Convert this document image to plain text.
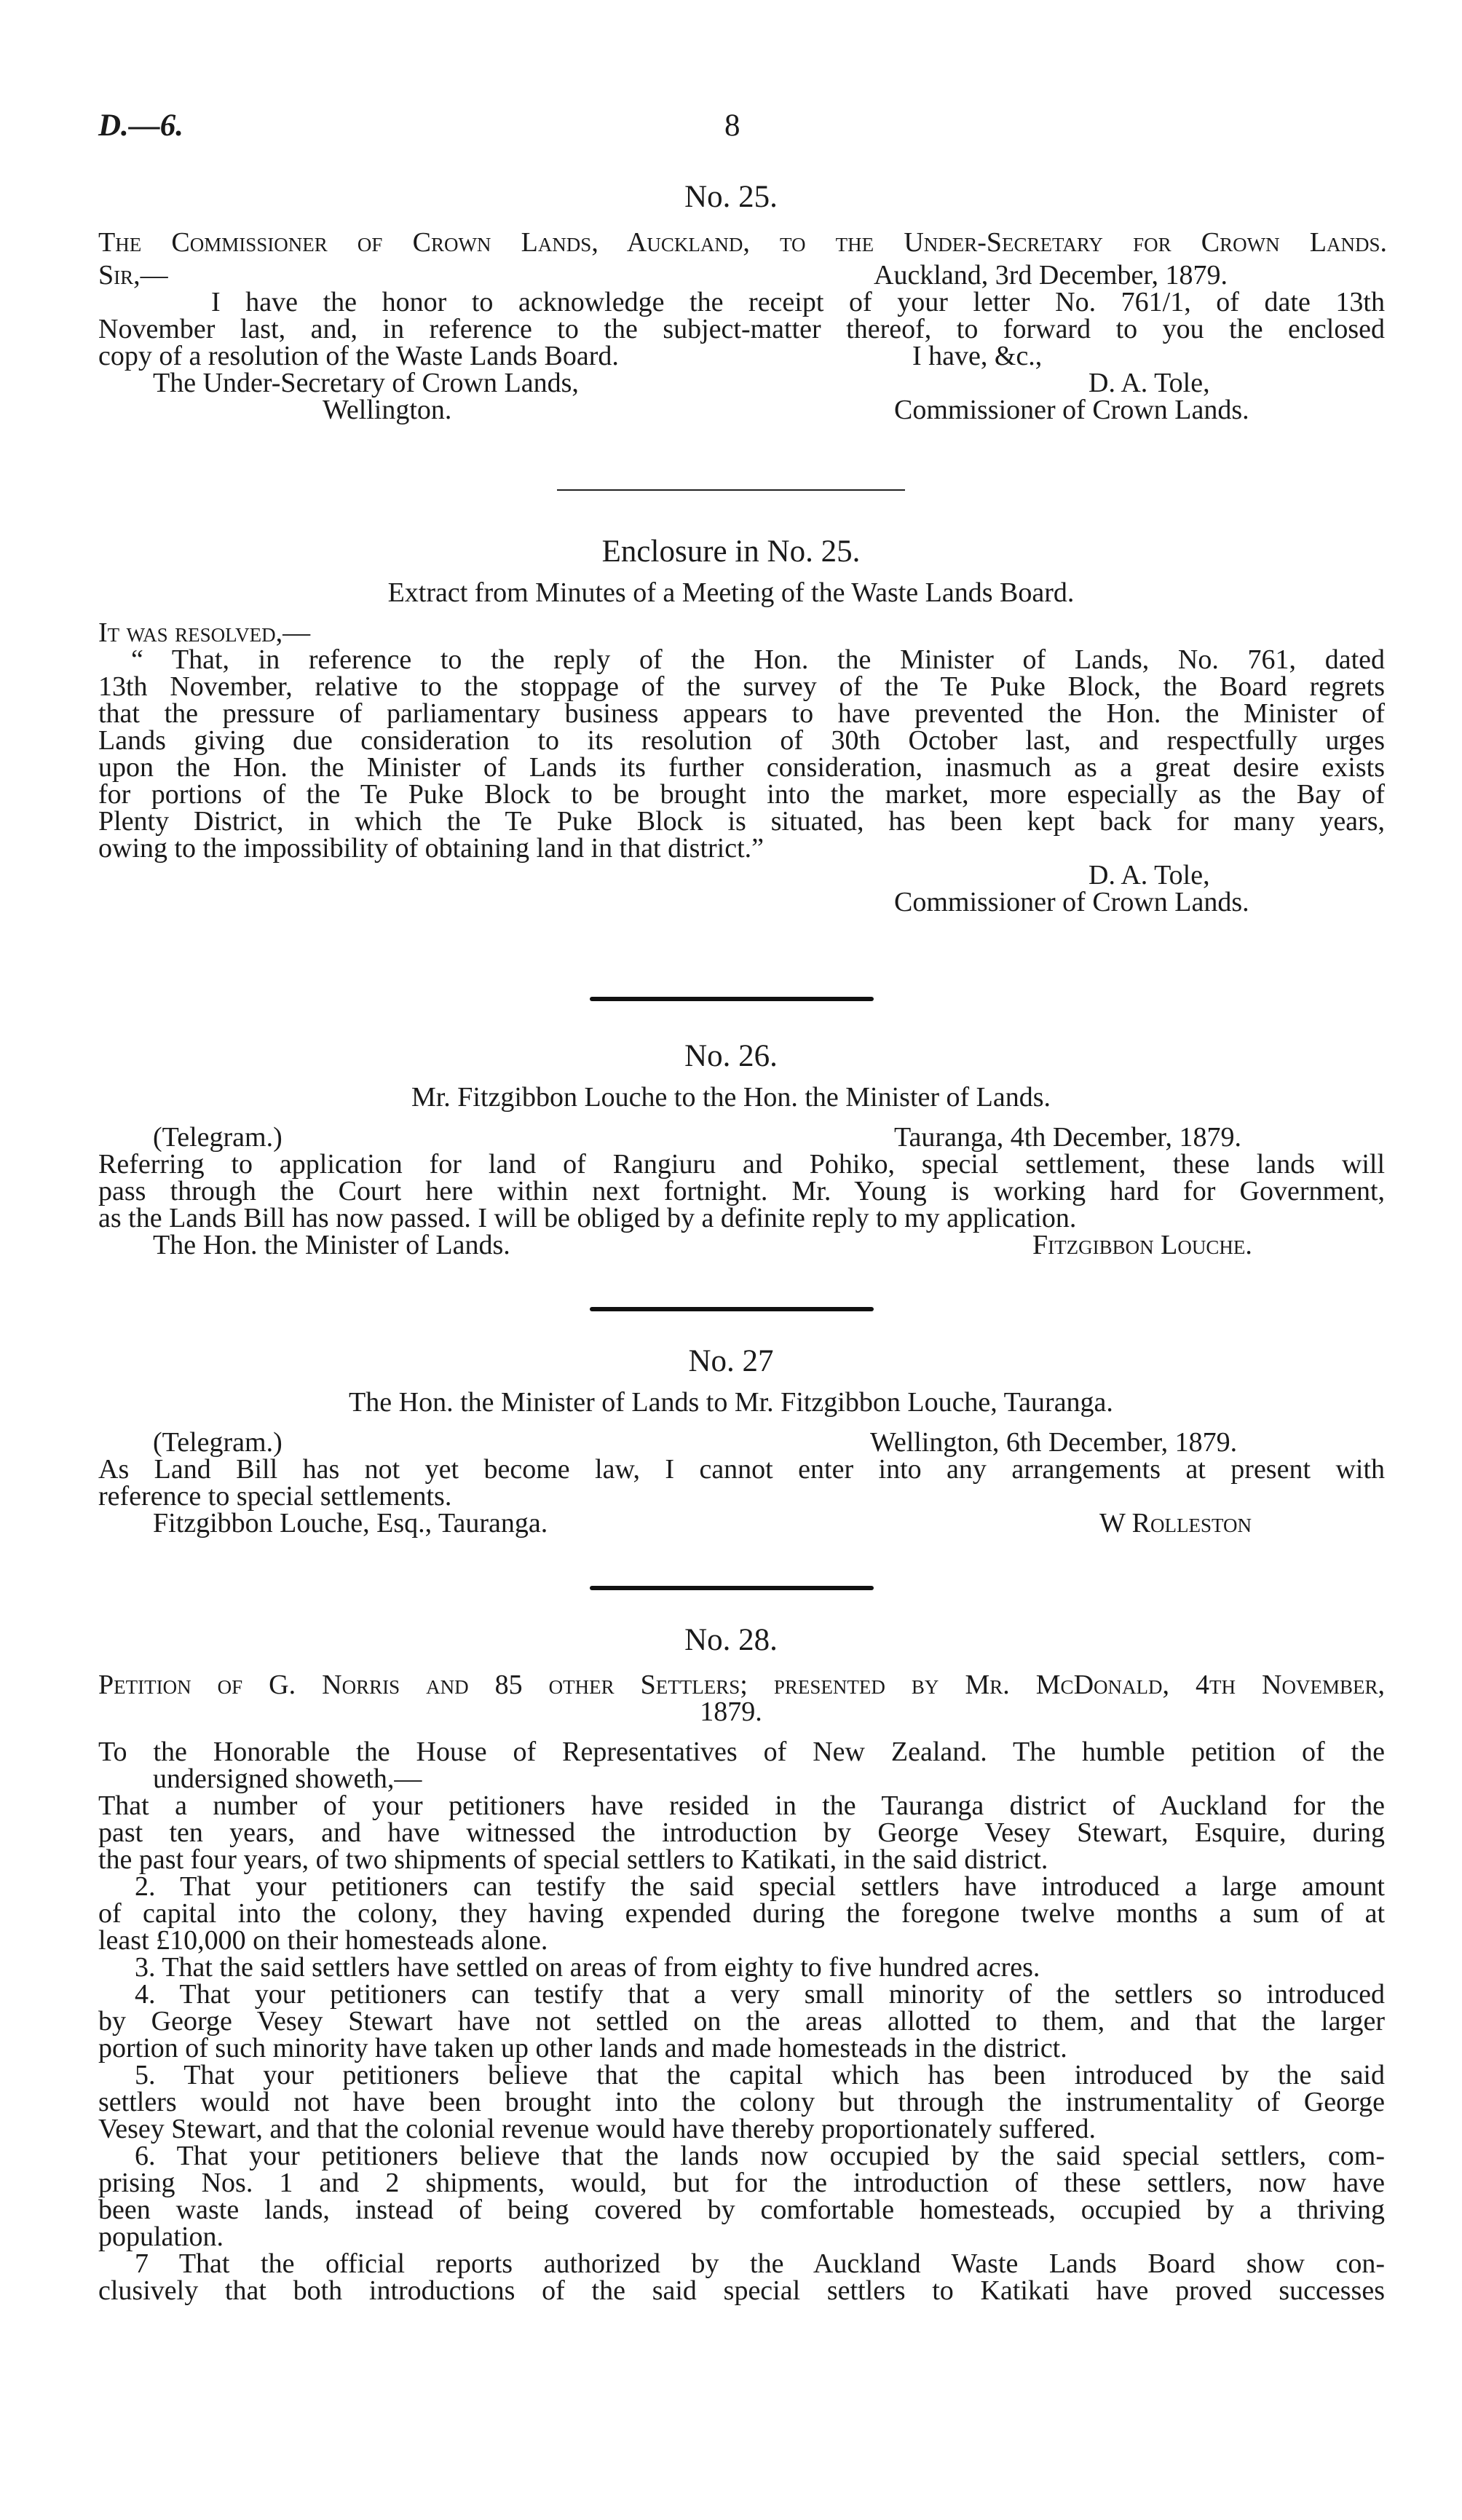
D.—6.	8
No. 25.
The Commissioner of Crown Lands, Auckland, to the Under-Secretary for Crown Lands.
Sir,—	Auckland, 3rd December, 1879.
I have the honor to acknowledge the receipt of your letter No. 761/1, of date 13th
November last, and, in reference to the subject-matter thereof, to forward to you the enclosed
copy of a resolution of the Waste Lands Board.	I have, &c.,
The Under-Secretary of Crown Lands,	D. A. Tole,
Wellington.	Commissioner of Crown Lands.
Enclosure in No. 25.
Extract from Minutes of a Meeting of the Waste Lands Board.
It was resolved,—
“ That, in reference to the reply of the Hon. the Minister of Lands, No. 761, dated
13th November, relative to the stoppage of the survey of the Te Puke Block, the Board regrets
that the pressure of parliamentary business appears to have prevented the Hon. the Minister of
Lands giving due consideration to its resolution of 30th October last, and respectfully urges
upon the Hon. the Minister of Lands its further consideration, inasmuch as a great desire exists
for portions of the Te Puke Block to be brought into the market, more especially as the Bay of
Plenty District, in which the Te Puke Block is situated, has been kept back for many years,
owing to the impossibility of obtaining land in that district.”
D. A. Tole,
Commissioner of Crown Lands.
No. 26.
Mr. Fitzgibbon Louche to the Hon. the Minister of Lands.
(Telegram.)	Tauranga, 4th December, 1879.
Referring to application for land of Rangiuru and Pohiko, special settlement, these lands will
pass through the Court here within next fortnight. Mr. Young is working hard for Government,
as the Lands Bill has now passed. I will be obliged by a definite reply to my application.
The Hon. the Minister of Lands.	Fitzgibbon Louche.
No. 27
The Hon. the Minister of Lands to Mr. Fitzgibbon Louche, Tauranga.
(Telegram.)	Wellington, 6th December, 1879.
As Land Bill has not yet become law, I cannot enter into any arrangements at present with
reference to special settlements.
Fitzgibbon Louche, Esq., Tauranga.	W Rolleston
No. 28.
Petition of G. Norris and 85 other Settlers; presented by Mr. McDonald, 4th November,
1879.
To the Honorable the House of Representatives of New Zealand. The humble petition of the
undersigned showeth,—
That a number of your petitioners have resided in the Tauranga district of Auckland for the
past ten years, and have witnessed the introduction by George Vesey Stewart, Esquire, during
the past four years, of two shipments of special settlers to Katikati, in the said district.
2. That your petitioners can testify the said special settlers have introduced a large amount
of capital into the colony, they having expended during the foregone twelve months a sum of at
least £10,000 on their homesteads alone.
3. That the said settlers have settled on areas of from eighty to five hundred acres.
4. That your petitioners can testify that a very small minority of the settlers so introduced
by George Vesey Stewart have not settled on the areas allotted to them, and that the larger
portion of such minority have taken up other lands and made homesteads in the district.
5. That your petitioners believe that the capital which has been introduced by the said
settlers would not have been brought into the colony but through the instrumentality of George
Vesey Stewart, and that the colonial revenue would have thereby proportionately suffered.
6. That your petitioners believe that the lands now occupied by the said special settlers, com-
prising Nos. 1 and 2 shipments, would, but for the introduction of these settlers, now have
been waste lands, instead of being covered by comfortable homesteads, occupied by a thriving
population.
7 That the official reports authorized by the Auckland Waste Lands Board show con-
clusively that both introductions of the said special settlers to Katikati have proved successes
